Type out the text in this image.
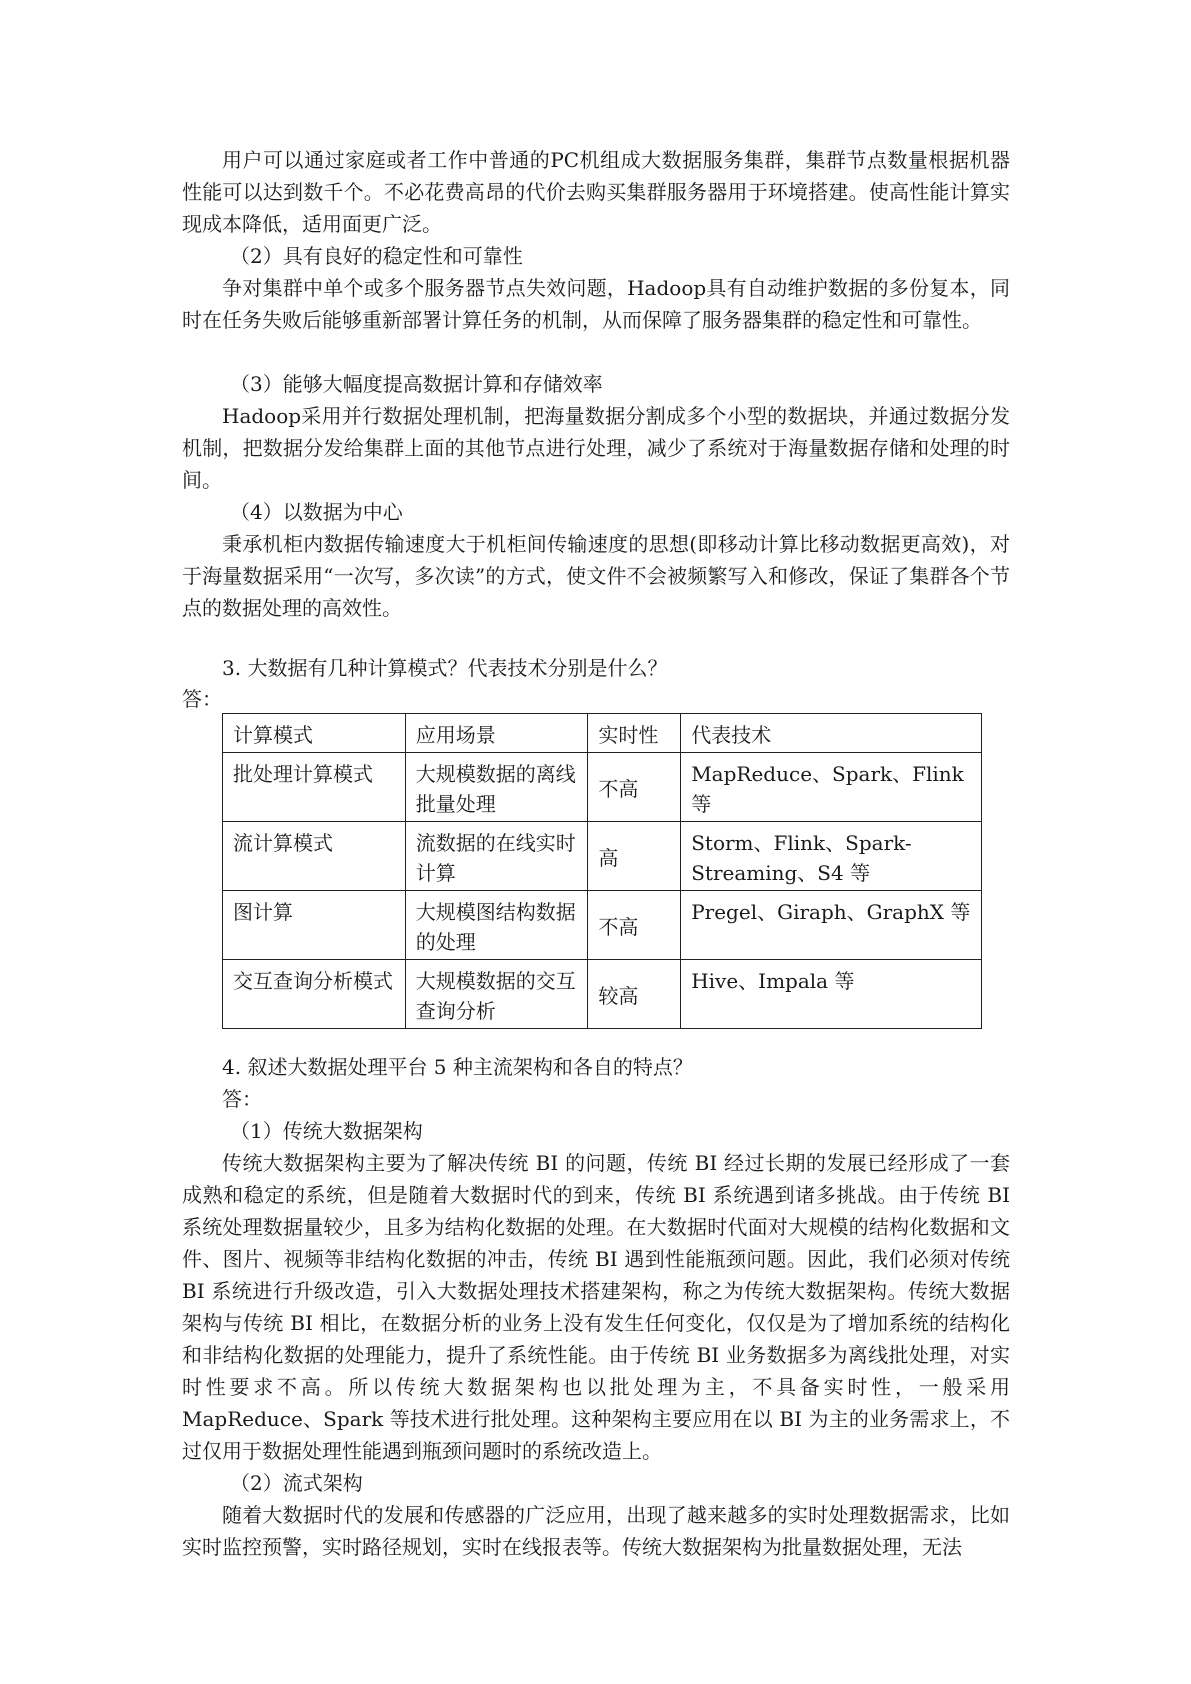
用户可以通过家庭或者工作中普通的PC机组成大数据服务集群，集群节点数量根据机器性能可以达到数千个。不必花费高昂的代价去购买集群服务器用于环境搭建。使高性能计算实现成本降低，适用面更广泛。

（2）具有良好的稳定性和可靠性

争对集群中单个或多个服务器节点失效问题，Hadoop具有自动维护数据的多份复本，同时在任务失败后能够重新部署计算任务的机制，从而保障了服务器集群的稳定性和可靠性。

（3）能够大幅度提高数据计算和存储效率

Hadoop采用并行数据处理机制，把海量数据分割成多个小型的数据块，并通过数据分发机制，把数据分发给集群上面的其他节点进行处理，减少了系统对于海量数据存储和处理的时间。

（4）以数据为中心

秉承机柜内数据传输速度大于机柜间传输速度的思想(即移动计算比移动数据更高效)，对于海量数据采用“一次写，多次读”的方式，使文件不会被频繁写入和修改，保证了集群各个节点的数据处理的高效性。

3. 大数据有几种计算模式？代表技术分别是什么？

答：

计算模式	应用场景	实时性	代表技术
批处理计算模式	大规模数据的离线批量处理	不高	MapReduce、Spark、Flink 等
流计算模式	流数据的在线实时计算	高	Storm、Flink、Spark-Streaming、S4 等
图计算	大规模图结构数据的处理	不高	Pregel、Giraph、GraphX 等
交互查询分析模式	大规模数据的交互查询分析	较高	Hive、Impala 等

4. 叙述大数据处理平台 5 种主流架构和各自的特点？

答：

（1）传统大数据架构

传统大数据架构主要为了解决传统 BI 的问题，传统 BI 经过长期的发展已经形成了一套成熟和稳定的系统，但是随着大数据时代的到来，传统 BI 系统遇到诸多挑战。由于传统 BI 系统处理数据量较少，且多为结构化数据的处理。在大数据时代面对大规模的结构化数据和文件、图片、视频等非结构化数据的冲击，传统 BI 遇到性能瓶颈问题。因此，我们必须对传统 BI 系统进行升级改造，引入大数据处理技术搭建架构，称之为传统大数据架构。传统大数据架构与传统 BI 相比，在数据分析的业务上没有发生任何变化，仅仅是为了增加系统的结构化和非结构化数据的处理能力，提升了系统性能。由于传统 BI 业务数据多为离线批处理，对实时性要求不高。所以传统大数据架构也以批处理为主，不具备实时性，一般采用 MapReduce、Spark 等技术进行批处理。这种架构主要应用在以 BI 为主的业务需求上，不过仅用于数据处理性能遇到瓶颈问题时的系统改造上。

（2）流式架构

随着大数据时代的发展和传感器的广泛应用，出现了越来越多的实时处理数据需求，比如实时监控预警，实时路径规划，实时在线报表等。传统大数据架构为批量数据处理，无法
